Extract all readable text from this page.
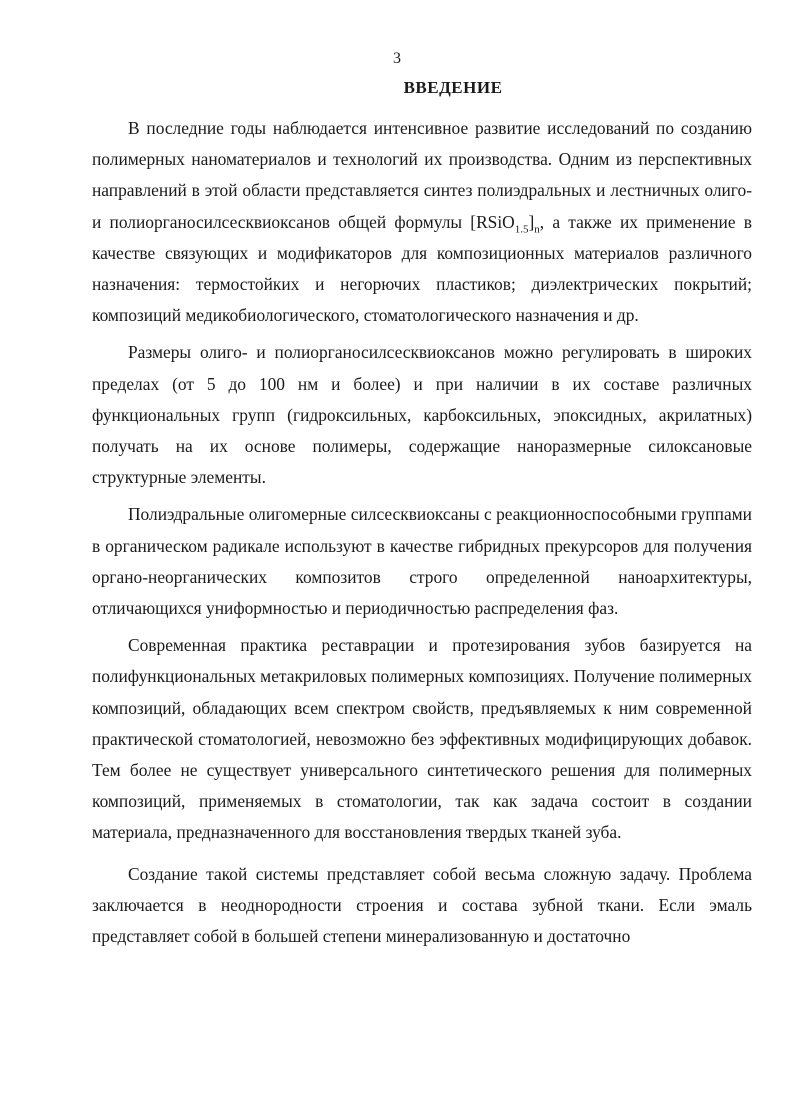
3
ВВЕДЕНИЕ

В последние годы наблюдается интенсивное развитие исследований по созданию полимерных наноматериалов и технологий их производства. Одним из перспективных направлений в этой области представляется синтез полиэдральных и лестничных олиго- и полиорганосилсесквиоксанов общей формулы $[RSiO_{1.5}]_n$, а также их применение в качестве связующих и модификаторов для композиционных материалов различного назначения: термостойких и негорючих пластиков; диэлектрических покрытий; композиций медикобиологического, стоматологического назначения и др.

Размеры олиго- и полиорганосилсесквиоксанов можно регулировать в широких пределах (от 5 до 100 нм и более) и при наличии в их составе различных функциональных групп (гидроксильных, карбоксильных, эпоксидных, акрилатных) получать на их основе полимеры, содержащие наноразмерные силоксановые структурные элементы.

Полиэдральные олигомерные силсесквиоксаны с реакционноспособными группами в органическом радикале используют в качестве гибридных прекурсоров для получения органо-неорганических композитов строго определенной наноархитектуры, отличающихся униформностью и периодичностью распределения фаз.

Современная практика реставрации и протезирования зубов базируется на полифункциональных метакриловых полимерных композициях. Получение полимерных композиций, обладающих всем спектром свойств, предъявляемых к ним современной практической стоматологией, невозможно без эффективных модифицирующих добавок. Тем более не существует универсального синтетического решения для полимерных композиций, применяемых в стоматологии, так как задача состоит в создании материала, предназначенного для восстановления твердых тканей зуба.

Создание такой системы представляет собой весьма сложную задачу. Проблема заключается в неоднородности строения и состава зубной ткани. Если эмаль представляет собой в большей степени минерализованную и достаточно
